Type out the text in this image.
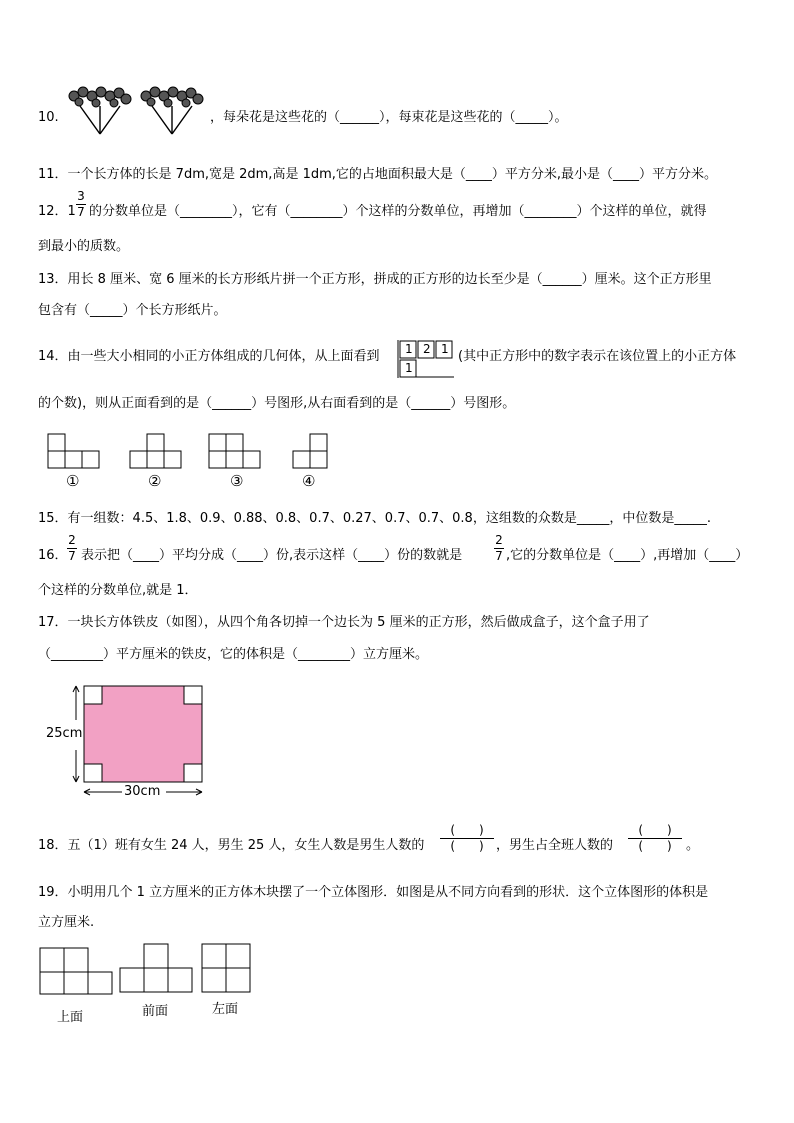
10.	，每朵花是这些花的（______），每束花是这些花的（_____）。
11．一个长方体的长是 7dm,宽是 2dm,高是 1dm,它的占地面积最大是（____）平方分米,最小是（____）平方分米。
12．1
3
7 的分数单位是（________），它有（________）个这样的分数单位，再增加（________）个这样的单位，就得
到最小的质数。
13．用长 8 厘米、宽 6 厘米的长方形纸片拼一个正方形，拼成的正方形的边长至少是（______）厘米。这个正方形里
包含有（_____）个长方形纸片。
14．由一些大小相同的小正方体组成的几何体，从上面看到 1 2 1
1
(其中正方形中的数字表示在该位置上的小正方体
的个数)，则从正面看到的是（______）号图形,从右面看到的是（______）号图形。
①	②	③	④
15．有一组数：4.5、1.8、0.9、0.88、0.8、0.7、0.27、0.7、0.7、0.8，这组数的众数是_____，中位数是_____.
16．
2
7 表示把（____）平均分成（____）份,表示这样（____）份的数就是
2
7 ,它的分数单位是（____）,再增加（____）
个这样的分数单位,就是 1．
17．一块长方体铁皮（如图），从四个角各切掉一个边长为 5 厘米的正方形，然后做成盒子，这个盒子用了
（________）平方厘米的铁皮，它的体积是（________）立方厘米。
25cm
30cm
18．五（1）班有女生 24 人，男生 25 人，女生人数是男生人数的
(　　)
(　　) ，男生占全班人数的
(　　)
(　　)	。
19．小明用几个 1 立方厘米的正方体木块摆了一个立体图形．如图是从不同方向看到的形状．这个立体图形的体积是
立方厘米.
上面	前面	左面
